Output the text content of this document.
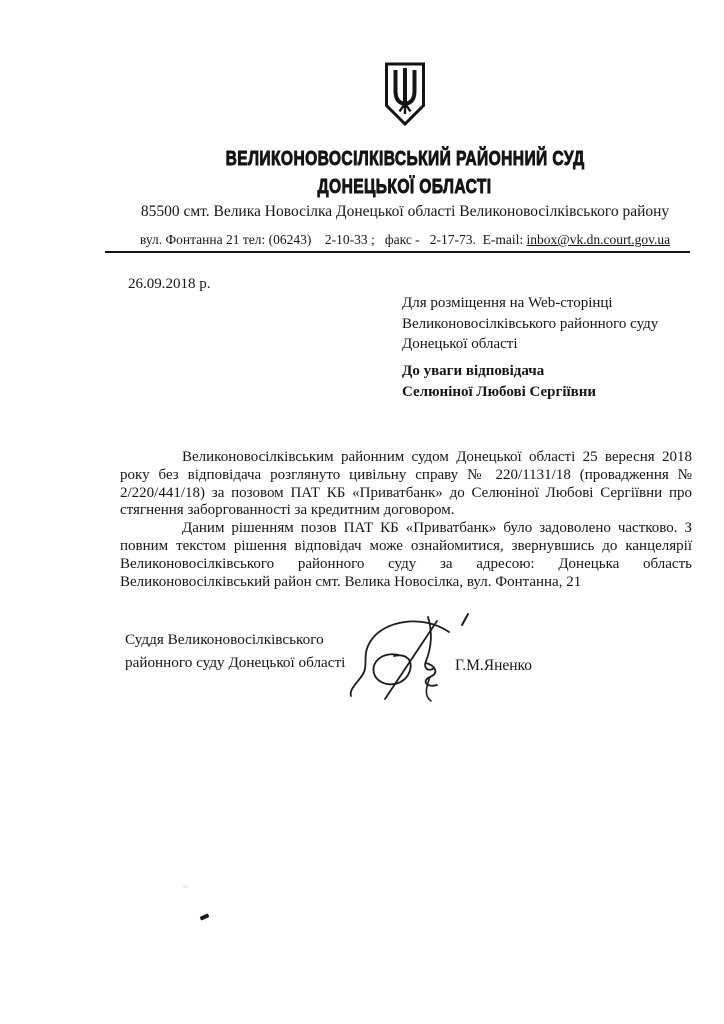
ВЕЛИКОНОВОСІЛКІВСЬКИЙ РАЙОННИЙ СУД
ДОНЕЦЬКОЇ ОБЛАСТІ
85500 смт. Велика Новосілка Донецької області Великоновосілківського району
вул. Фонтанна 21 тел: (06243)    2-10-33 ;   факс -   2-17-73.  E-mail: inbox@vk.dn.court.gov.ua
26.09.2018 р.
Для розміщення на Web-сторінці
Великоновосілківського районного суду
Донецької області
До уваги відповідача
Селюніної Любові Сергіївни

Великоновосілківським районним судом Донецької області 25 вересня 2018 року без відповідача розглянуто цивільну справу № 220/1131/18 (провадження № 2/220/441/18) за позовом ПАТ КБ «Приватбанк» до Селюніної Любові Сергіївни про стягнення заборгованності за кредитним договором.

Даним рішенням позов ПАТ КБ «Приватбанк» було задоволено частково. З повним текстом рішення відповідач може ознайомитися, звернувшись до канцелярії Великоновосілківського районного суду за адресою: Донецька область Великоновосілківський район смт. Велика Новосілка, вул. Фонтанна, 21

Суддя Великоновосілківського
районного суду Донецької області	Г.М.Яненко
